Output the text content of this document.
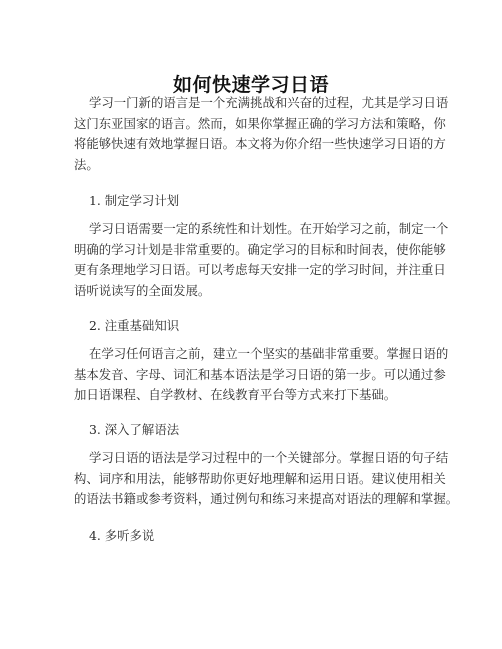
如何快速学习日语
学习一门新的语言是一个充满挑战和兴奋的过程，尤其是学习日语
这门东亚国家的语言。然而，如果你掌握正确的学习方法和策略，你
将能够快速有效地掌握日语。本文将为你介绍一些快速学习日语的方
法。
1. 制定学习计划
学习日语需要一定的系统性和计划性。在开始学习之前，制定一个
明确的学习计划是非常重要的。确定学习的目标和时间表，使你能够
更有条理地学习日语。可以考虑每天安排一定的学习时间，并注重日
语听说读写的全面发展。
2. 注重基础知识
在学习任何语言之前，建立一个坚实的基础非常重要。掌握日语的
基本发音、字母、词汇和基本语法是学习日语的第一步。可以通过参
加日语课程、自学教材、在线教育平台等方式来打下基础。
3. 深入了解语法
学习日语的语法是学习过程中的一个关键部分。掌握日语的句子结
构、词序和用法，能够帮助你更好地理解和运用日语。建议使用相关
的语法书籍或参考资料，通过例句和练习来提高对语法的理解和掌握。
4. 多听多说
